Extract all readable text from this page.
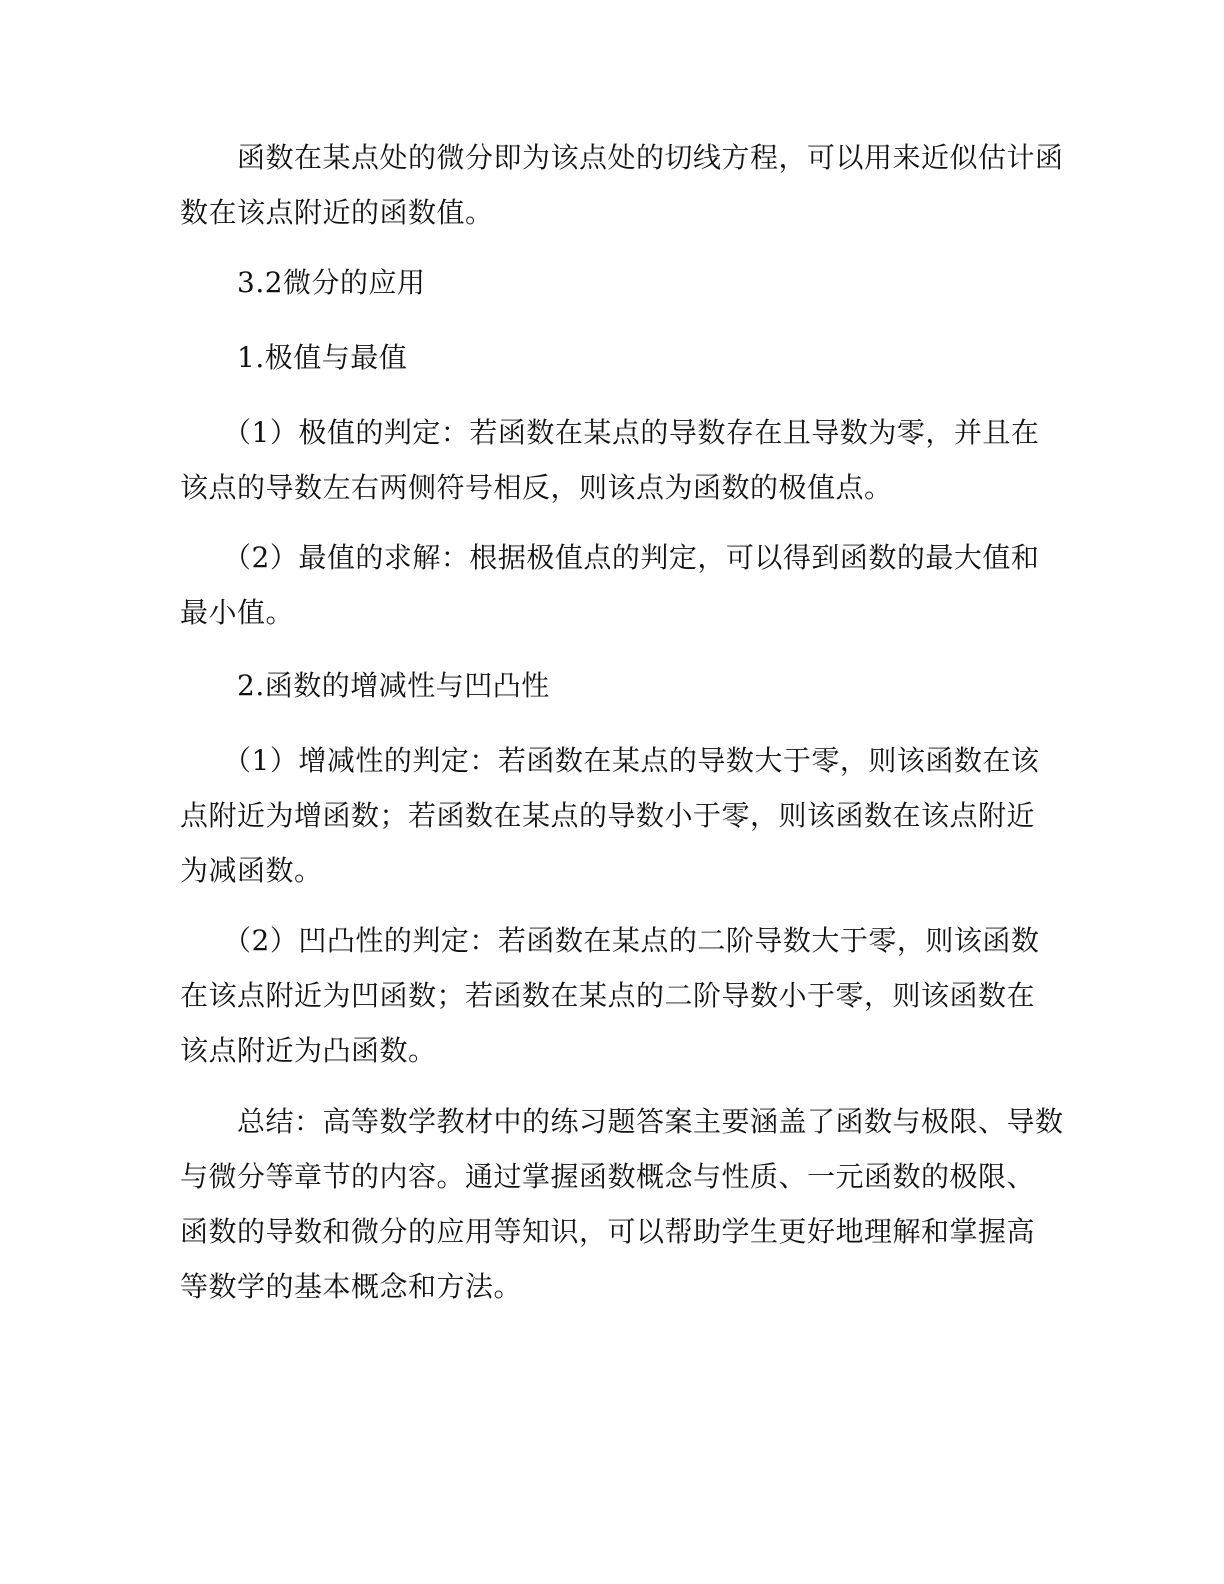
　　函数在某点处的微分即为该点处的切线方程，可以用来近似估计函
数在该点附近的函数值。

　　3.2微分的应用

　　1.极值与最值

　　（1）极值的判定：若函数在某点的导数存在且导数为零，并且在
该点的导数左右两侧符号相反，则该点为函数的极值点。

　　（2）最值的求解：根据极值点的判定，可以得到函数的最大值和
最小值。

　　2.函数的增减性与凹凸性

　　（1）增减性的判定：若函数在某点的导数大于零，则该函数在该
点附近为增函数；若函数在某点的导数小于零，则该函数在该点附近
为减函数。

　　（2）凹凸性的判定：若函数在某点的二阶导数大于零，则该函数
在该点附近为凹函数；若函数在某点的二阶导数小于零，则该函数在
该点附近为凸函数。

　　总结：高等数学教材中的练习题答案主要涵盖了函数与极限、导数
与微分等章节的内容。通过掌握函数概念与性质、一元函数的极限、
函数的导数和微分的应用等知识，可以帮助学生更好地理解和掌握高
等数学的基本概念和方法。
